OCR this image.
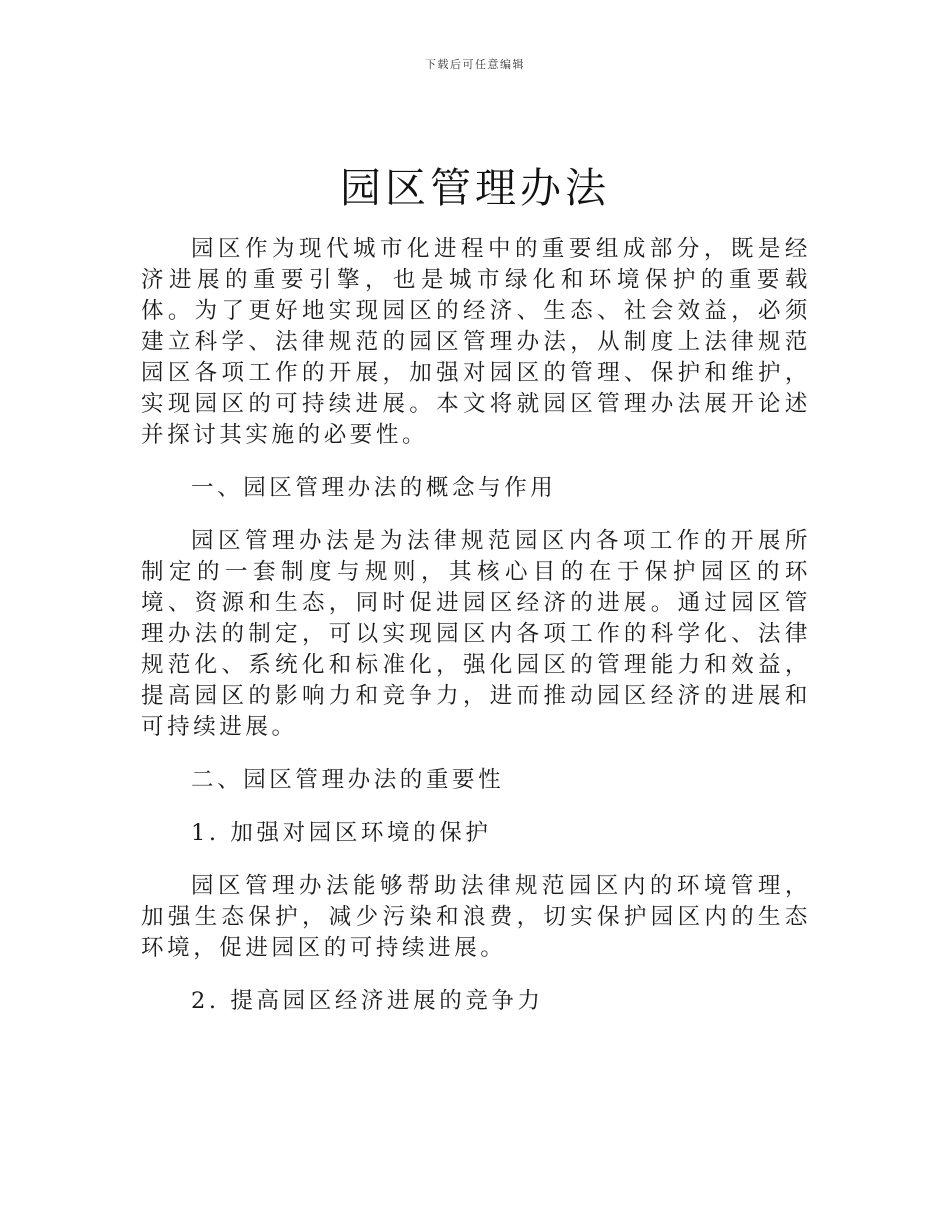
下载后可任意编辑
园区管理办法

园区作为现代城市化进程中的重要组成部分，既是经济进展的重要引擎，也是城市绿化和环境保护的重要载体。为了更好地实现园区的经济、生态、社会效益，必须建立科学、法律规范的园区管理办法，从制度上法律规范园区各项工作的开展，加强对园区的管理、保护和维护，实现园区的可持续进展。本文将就园区管理办法展开论述并探讨其实施的必要性。

一、园区管理办法的概念与作用

园区管理办法是为法律规范园区内各项工作的开展所制定的一套制度与规则，其核心目的在于保护园区的环境、资源和生态，同时促进园区经济的进展。通过园区管理办法的制定，可以实现园区内各项工作的科学化、法律规范化、系统化和标准化，强化园区的管理能力和效益，提高园区的影响力和竞争力，进而推动园区经济的进展和可持续进展。

二、园区管理办法的重要性

1. 加强对园区环境的保护

园区管理办法能够帮助法律规范园区内的环境管理，加强生态保护，减少污染和浪费，切实保护园区内的生态环境，促进园区的可持续进展。

2. 提高园区经济进展的竞争力
